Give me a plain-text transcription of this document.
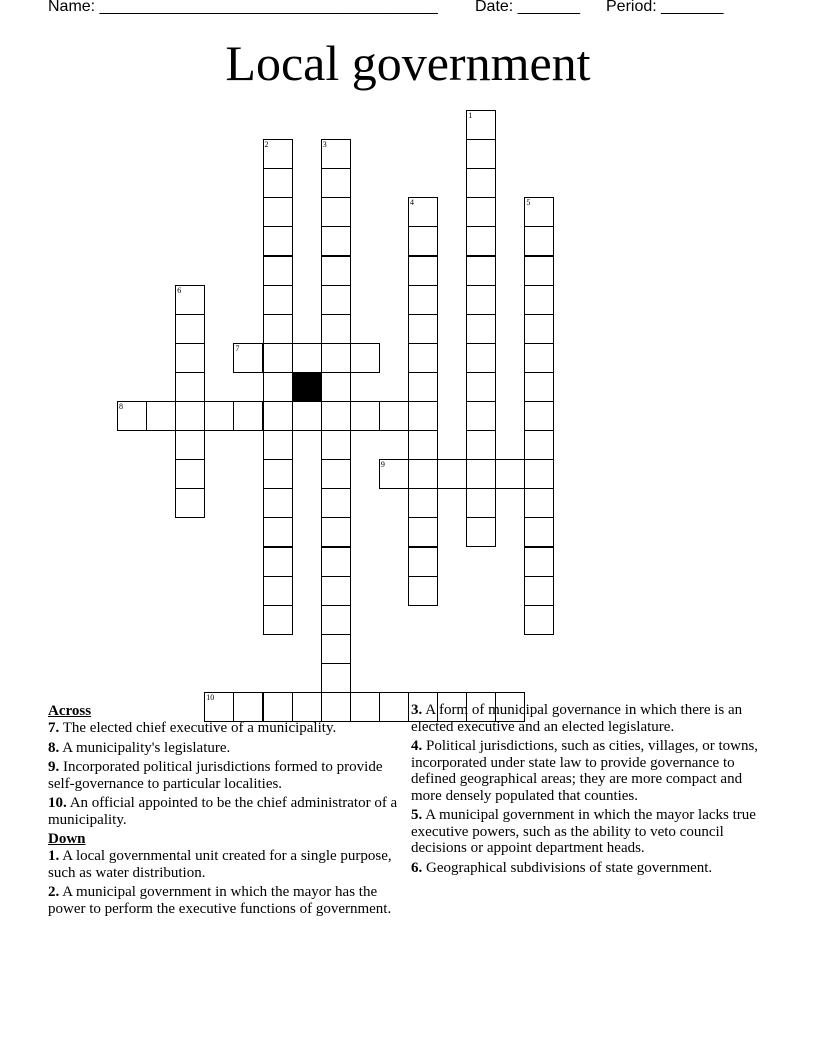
Name: ______________________________________ Date: _______ Period: _______
Local government
1
2	3
4	5
6
7
8
9
10
Across
7. The elected chief executive of a municipality.
8. A municipality's legislature.
9. Incorporated political jurisdictions formed to provide self-governance to particular localities.
10. An official appointed to be the chief administrator of a municipality.
Down
1. A local governmental unit created for a single purpose, such as water distribution.
2. A municipal government in which the mayor has the power to perform the executive functions of government.
3. A form of municipal governance in which there is an elected executive and an elected legislature.
4. Political jurisdictions, such as cities, villages, or towns, incorporated under state law to provide governance to defined geographical areas; they are more compact and more densely populated that counties.
5. A municipal government in which the mayor lacks true executive powers, such as the ability to veto council decisions or appoint department heads.
6. Geographical subdivisions of state government.
